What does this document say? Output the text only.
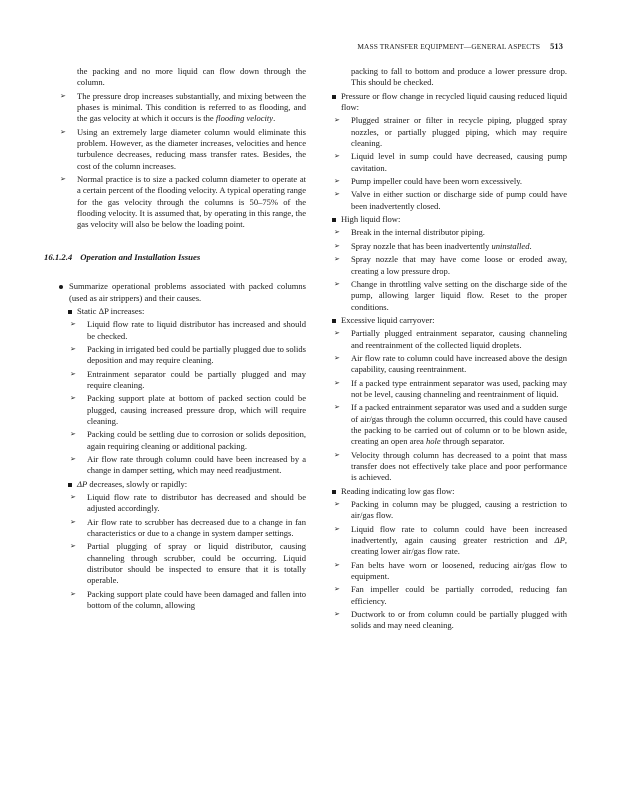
MASS TRANSFER EQUIPMENT—GENERAL ASPECTS 513
the packing and no more liquid can flow down through the column.
➢ The pressure drop increases substantially, and mixing between the phases is minimal. This condition is referred to as flooding, and the gas velocity at which it occurs is the flooding velocity.
➢ Using an extremely large diameter column would eliminate this problem. However, as the diameter increases, velocities and hence turbulence decreases, reducing mass transfer rates. Besides, the cost of the column increases.
➢ Normal practice is to size a packed column diameter to operate at a certain percent of the flooding velocity. A typical operating range for the gas velocity through the columns is 50–75% of the flooding velocity. It is assumed that, by operating in this range, the gas velocity will also be below the loading point.
16.1.2.4 Operation and Installation Issues
Summarize operational problems associated with packed columns (used as air strippers) and their causes.
Static ΔP increases:
➢ Liquid flow rate to liquid distributor has increased and should be checked.
➢ Packing in irrigated bed could be partially plugged due to solids deposition and may require cleaning.
➢ Entrainment separator could be partially plugged and may require cleaning.
➢ Packing support plate at bottom of packed section could be plugged, causing increased pressure drop, which will require cleaning.
➢ Packing could be settling due to corrosion or solids deposition, again requiring cleaning or additional packing.
➢ Air flow rate through column could have been increased by a change in damper setting, which may need readjustment.
ΔP decreases, slowly or rapidly:
➢ Liquid flow rate to distributor has decreased and should be adjusted accordingly.
➢ Air flow rate to scrubber has decreased due to a change in fan characteristics or due to a change in system damper settings.
➢ Partial plugging of spray or liquid distributor, causing channeling through scrubber, could be occurring. Liquid distributor should be inspected to ensure that it is totally operable.
➢ Packing support plate could have been damaged and fallen into bottom of the column, allowing
packing to fall to bottom and produce a lower pressure drop. This should be checked.
Pressure or flow change in recycled liquid causing reduced liquid flow:
➢ Plugged strainer or filter in recycle piping, plugged spray nozzles, or partially plugged piping, which may require cleaning.
➢ Liquid level in sump could have decreased, causing pump cavitation.
➢ Pump impeller could have been worn excessively.
➢ Valve in either suction or discharge side of pump could have been inadvertently closed.
High liquid flow:
➢ Break in the internal distributor piping.
➢ Spray nozzle that has been inadvertently uninstalled.
➢ Spray nozzle that may have come loose or eroded away, creating a low pressure drop.
➢ Change in throttling valve setting on the discharge side of the pump, allowing larger liquid flow. Reset to the proper conditions.
Excessive liquid carryover:
➢ Partially plugged entrainment separator, causing channeling and reentrainment of the collected liquid droplets.
➢ Air flow rate to column could have increased above the design capability, causing reentrainment.
➢ If a packed type entrainment separator was used, packing may not be level, causing channeling and reentrainment of liquid.
➢ If a packed entrainment separator was used and a sudden surge of air/gas through the column occurred, this could have caused the packing to be carried out of column or to be blown aside, creating an open area hole through separator.
➢ Velocity through column has decreased to a point that mass transfer does not effectively take place and poor performance is achieved.
Reading indicating low gas flow:
➢ Packing in column may be plugged, causing a restriction to air/gas flow.
➢ Liquid flow rate to column could have been increased inadvertently, again causing greater restriction and ΔP, creating lower air/gas flow rate.
➢ Fan belts have worn or loosened, reducing air/gas flow to equipment.
➢ Fan impeller could be partially corroded, reducing fan efficiency.
➢ Ductwork to or from column could be partially plugged with solids and may need cleaning.
